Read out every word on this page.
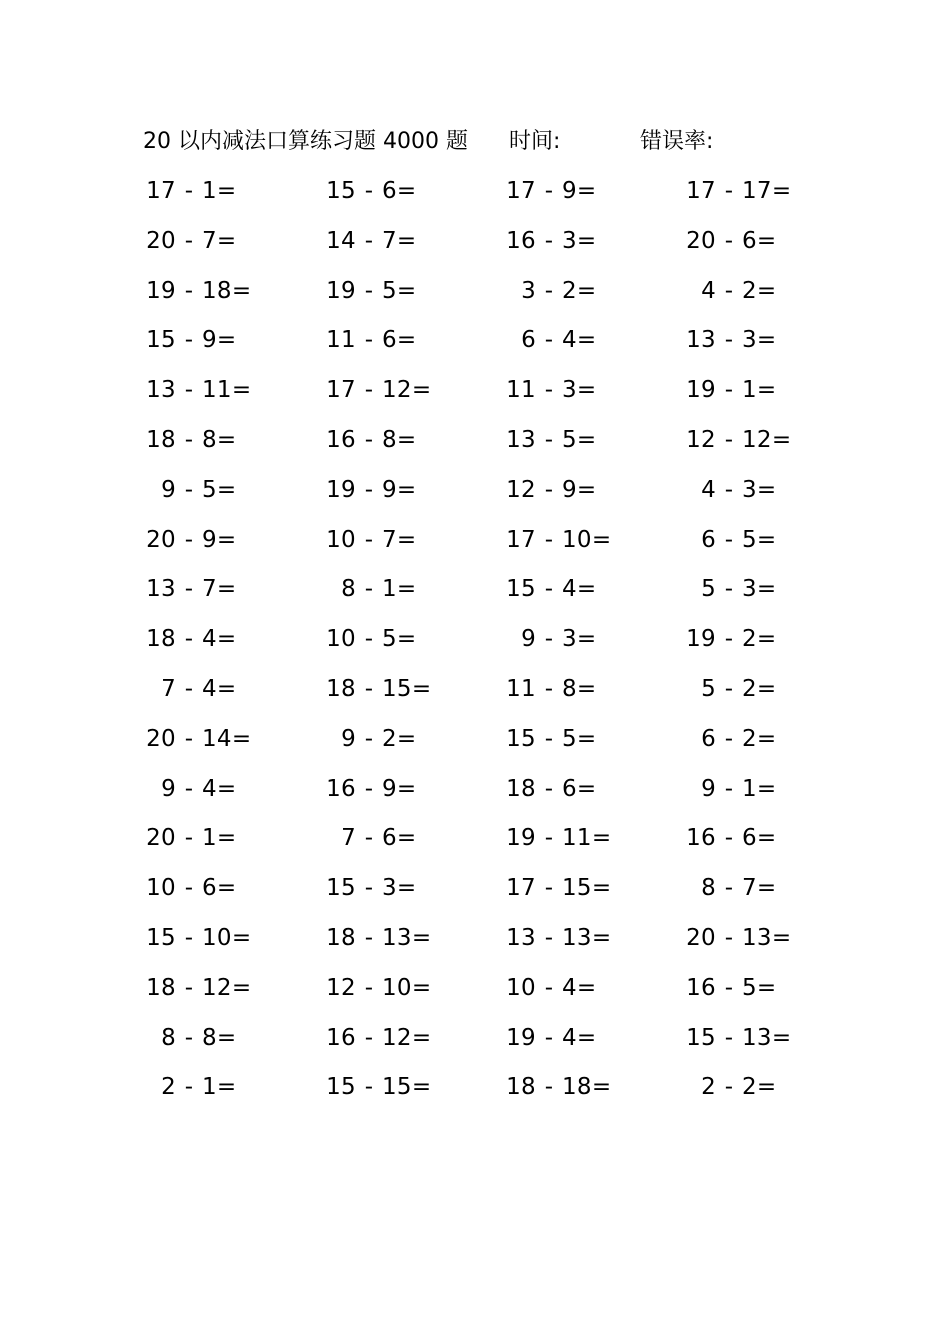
20 以内减法口算练习题 4000 题 时间:	错误率:
17 - 1=	15 - 6=	17 - 9=	17 - 17=
20 - 7=	14 - 7=	16 - 3=	20 - 6=
19 - 18=	19 - 5=	3 - 2=	4 - 2=
15 - 9=	11 - 6=	6 - 4=	13 - 3=
13 - 11=	17 - 12=	11 - 3=	19 - 1=
18 - 8=	16 - 8=	13 - 5=	12 - 12=
9 - 5=	19 - 9=	12 - 9=	4 - 3=
20 - 9=	10 - 7=	17 - 10=	6 - 5=
13 - 7=	8 - 1=	15 - 4=	5 - 3=
18 - 4=	10 - 5=	9 - 3=	19 - 2=
7 - 4=	18 - 15=	11 - 8=	5 - 2=
20 - 14=	9 - 2=	15 - 5=	6 - 2=
9 - 4=	16 - 9=	18 - 6=	9 - 1=
20 - 1=	7 - 6=	19 - 11=	16 - 6=
10 - 6=	15 - 3=	17 - 15=	8 - 7=
15 - 10=	18 - 13=	13 - 13=	20 - 13=
18 - 12=	12 - 10=	10 - 4=	16 - 5=
8 - 8=	16 - 12=	19 - 4=	15 - 13=
2 - 1=	15 - 15=	18 - 18=	2 - 2=
